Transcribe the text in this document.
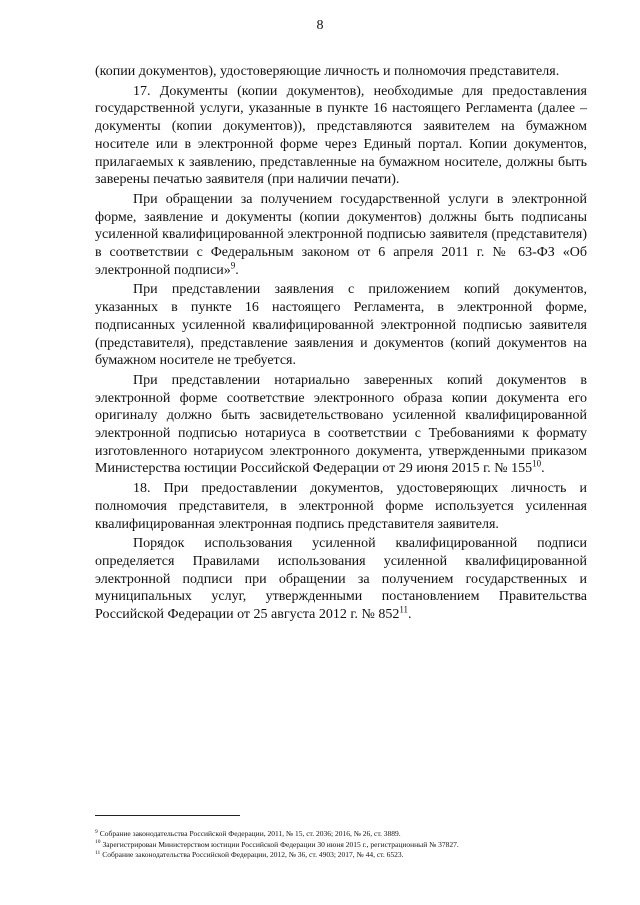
8

(копии документов), удостоверяющие личность и полномочия представителя.

17. Документы (копии документов), необходимые для предоставления государственной услуги, указанные в пункте 16 настоящего Регламента (далее – документы (копии документов)), представляются заявителем на бумажном носителе или в электронной форме через Единый портал. Копии документов, прилагаемых к заявлению, представленные на бумажном носителе, должны быть заверены печатью заявителя (при наличии печати).

При обращении за получением государственной услуги в электронной форме, заявление и документы (копии документов) должны быть подписаны усиленной квалифицированной электронной подписью заявителя (представителя) в соответствии с Федеральным законом от 6 апреля 2011 г. № 63-ФЗ «Об электронной подписи»$^9$.

При представлении заявления с приложением копий документов, указанных в пункте 16 настоящего Регламента, в электронной форме, подписанных усиленной квалифицированной электронной подписью заявителя (представителя), представление заявления и документов (копий документов на бумажном носителе не требуется.

При представлении нотариально заверенных копий документов в электронной форме соответствие электронного образа копии документа его оригиналу должно быть засвидетельствовано усиленной квалифицированной электронной подписью нотариуса в соответствии с Требованиями к формату изготовленного нотариусом электронного документа, утвержденными приказом Министерства юстиции Российской Федерации от 29 июня 2015 г. № $155^{10}$.

18. При предоставлении документов, удостоверяющих личность и полномочия представителя, в электронной форме используется усиленная квалифицированная электронная подпись представителя заявителя.

Порядок использования усиленной квалифицированной подписи определяется Правилами использования усиленной квалифицированной электронной подписи при обращении за получением государственных и муниципальных услуг, утвержденными постановлением Правительства Российской Федерации от 25 августа 2012 г. № $852^{11}$.

$^9$ Собрание законодательства Российской Федерации, 2011, № 15, ст. 2036; 2016, № 26, ст. 3889.
$^{10}$ Зарегистрирован Министерством юстиции Российской Федерации 30 июня 2015 г., регистрационный № 37827.
$^{11}$ Собрание законодательства Российской Федерации, 2012, № 36, ст. 4903; 2017, № 44, ст. 6523.
